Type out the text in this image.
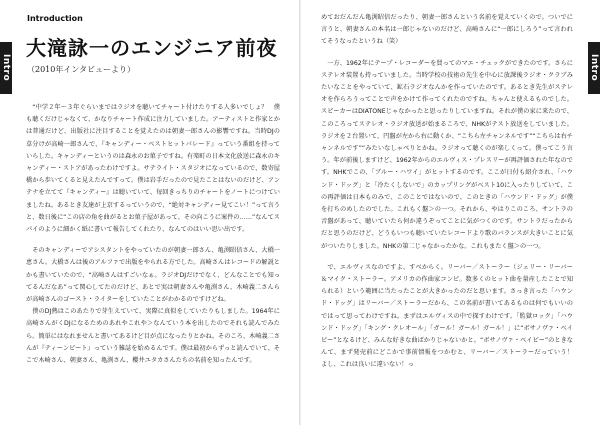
Intro
Introduction
大滝詠一のエンジニア前夜
（2010年インタビューより）

　“中学２年〜３年ぐらいまではラジオを聴いてチャート付けたりする人多いでしょ？　僕も聴くだけじゃなくて、かなりチャート作成に注力していました。アーティストと作家とかは普通だけど、出版社に注目することを覚えたのは朝妻一郎さんの影響ですね。当時DJの草分けが高崎一郎さんで、『キャンディー・ベストヒットパレード』っていう番組を持っていらした。キャンディーというのは森永のお菓子ですね。有楽町の日本文化放送に森永のキャンディー・ストアがあったわけですよ。サテライト・スタジオになっているので、数寄屋橋から歩いてくると見えたんですって。僕は岩手だったので見たことはないのだけど、アンテナを立てて『キャンディー』は聴いていて、毎回きっちりのチャートをノートにつけていましたね。あるとき友達が上京するっていうので、“絶対キャンディー見てこい！”って言うと、数日後に“この店の角を曲がるとお菓子屋があって、その向こうに案件の……”なんてスパイのように細かく紙に書いて報告してくれたり、なんてのはいい思い出です。

　そのキャンディーでアシスタントをやっていたのが朝妻一郎さん、亀渕昭信さん、大橋一恵さん。大橋さんは後のアルファで出版をやられる方でした。高崎さんはレコードの解説とかも書いていたので、“高崎さんはすごいなぁ。ラジオDJだけでなく、どんなことでも知ってるんだなあ”って関心してたのだけど、あとで実は朝妻さんや亀渕さん、木崎義二さんらが高崎さんのゴースト・ライターをしていたことがわかるのですけどね。

　僕のDJ熱はこのあたりで芽生えていて、実際に真似をしていたりもしました。1964年に高崎さんがくDJになるためのあれやこれや＞なんていう本を出したのでそれも読んでみたら。簡単にはなれませんと書いてあるけど目が点になったりとかね。そのころ、木崎義二さんが『ティーンビート』っていう雑誌を始めるんです。僕は最初からずっと読んでいて、そこで木崎さん、朝妻さん、亀渕さん、櫻井ユタカさんたちの名前を知ったんです。

Intro

めておだんだん亀渕昭信だったり、朝妻一郎さんという名前を覚えていくので。ついでに言うと、朝妻さんの本名は一郎じゃないのだけど、高崎さんに“一郎にしろう”って言われてそうなったというね（笑）

　一方、1962年にテープ・レコーダーを買ってのマエ・チェックができたのです。さらにステレオ装置も持っていました。当時学校の技術の先生を中心に放課後ラジオ・クラブみたいなことをやっていて、鉱石ラジオなんかを作っていたのです。あるとき先生がステレオを作らろうってことで声をかけて作ってくれたのですね。ちゃんと使えるものでした。スピーカーはDIATONEじゃなかったと思ったりしていますね。それが僕の家に来たので、このころってステレオ・ラジオ放送が始まるころで、NHKがテスト放送をしていました。ラジオを２台置いて、円盤が左から右に動くか、“こちら左チャンネルです”“こちらは右チャンネルです”“みたいなしゃべりとかね。ラジオって聴くのが楽しくって。僕ってこう言う。年が前後しますけど、1962年からのエルヴィス・プレスリーが再評価された年なのです。NHKでこの、「ブルー・ハワイ」がヒットするのです。ここが日付も紹介され、「ハウンド・ドッグ」と「冷たくしないで」のカップリングがベスト10に入ったりしていて、この再評価は日本ものみで、このことではないので、このときの「ハウンド・ドッグ」が僕を打ちのめしたのでした。これもく盤＞の一つ。それから、やはりこのころ、サントラの音盤があって、聴いていたら何か違うぞってことに気がつくのです。サントラだったからだと思うのだけど、どうもいつも聴いていたレコードより歌のバランスが大きいことに気がついたりしました。NHKの第二じゃなかったかな。これもまたく盤＞の一つ。

　で、エルヴィスなのですよ、すべからく。リーバー／ストーラー（ジェリー・リーバー＆マイク・ストーラー。アメリカの作曲家コンビ。数多くのヒット曲を量産したことで知られる）という範囲に当たったことが大きかったのだと思います。さっき言った「ハウンド・ドッグ」はリーバー／ストーラーだから、この名前が書いてあるものは何でもいいのではって思ってわけですね。まずはエルヴィスの中で探すわけです。「監獄ロック」「ハウンド・ドッグ」「キング・クレオール」「ガール！ガール！ガール！」に“ボサノヴァ・ベイビー”となるけど、みんな好きな曲ばかりじゃないかと。“ボサノヴァ・ベイビー”のときなんて、まず発売前にどこかで事前情報をつかむと、リーバー／ストーラーだっていう！　よし、これは良いに違いない！っ
